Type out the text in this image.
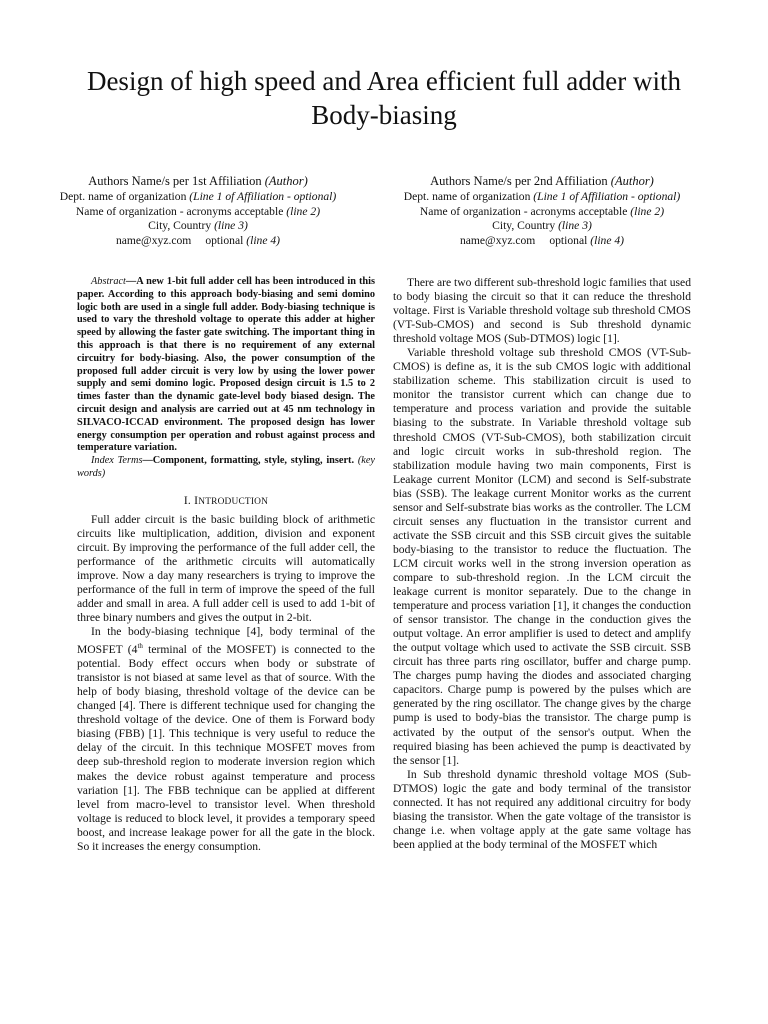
Design of high speed and Area efficient full adder with Body-biasing
Authors Name/s per 1st Affiliation (Author)
Dept. name of organization (Line 1 of Affiliation - optional)
Name of organization - acronyms acceptable (line 2)
City, Country (line 3)
name@xyz.com optional (line 4)
Authors Name/s per 2nd Affiliation (Author)
Dept. name of organization (Line 1 of Affiliation - optional)
Name of organization - acronyms acceptable (line 2)
City, Country (line 3)
name@xyz.com optional (line 4)

Abstract—A new 1-bit full adder cell has been introduced in this paper. According to this approach body-biasing and semi domino logic both are used in a single full adder. Body-biasing technique is used to vary the threshold voltage to operate this adder at higher speed by allowing the faster gate switching. The important thing in this approach is that there is no requirement of any external circuitry for body-biasing. Also, the power consumption of the proposed full adder circuit is very low by using the lower power supply and semi domino logic. Proposed design circuit is 1.5 to 2 times faster than the dynamic gate-level body biased design. The circuit design and analysis are carried out at 45 nm technology in SILVACO-ICCAD environment. The proposed design has lower energy consumption per operation and robust against process and temperature variation.

Index Terms—Component, formatting, style, styling, insert. (key words)

I. INTRODUCTION

Full adder circuit is the basic building block of arithmetic circuits like multiplication, addition, division and exponent circuit. By improving the performance of the full adder cell, the performance of the arithmetic circuits will automatically improve. Now a day many researchers is trying to improve the performance of the full in term of improve the speed of the full adder and small in area. A full adder cell is used to add 1-bit of three binary numbers and gives the output in 2-bit.

In the body-biasing technique [4], body terminal of the MOSFET (4th terminal of the MOSFET) is connected to the potential. Body effect occurs when body or substrate of transistor is not biased at same level as that of source. With the help of body biasing, threshold voltage of the device can be changed [4]. There is different technique used for changing the threshold voltage of the device. One of them is Forward body biasing (FBB) [1]. This technique is very useful to reduce the delay of the circuit. In this technique MOSFET moves from deep sub-threshold region to moderate inversion region which makes the device robust against temperature and process variation [1]. The FBB technique can be applied at different level from macro-level to transistor level. When threshold voltage is reduced to block level, it provides a temporary speed boost, and increase leakage power for all the gate in the block. So it increases the energy consumption.

There are two different sub-threshold logic families that used to body biasing the circuit so that it can reduce the threshold voltage. First is Variable threshold voltage sub threshold CMOS (VT-Sub-CMOS) and second is Sub threshold dynamic threshold voltage MOS (Sub-DTMOS) logic [1].

Variable threshold voltage sub threshold CMOS (VT-Sub-CMOS) is define as, it is the sub CMOS logic with additional stabilization scheme. This stabilization circuit is used to monitor the transistor current which can change due to temperature and process variation and provide the suitable biasing to the substrate. In Variable threshold voltage sub threshold CMOS (VT-Sub-CMOS), both stabilization circuit and logic circuit works in sub-threshold region. The stabilization module having two main components, First is Leakage current Monitor (LCM) and second is Self-substrate bias (SSB). The leakage current Monitor works as the current sensor and Self-substrate bias works as the controller. The LCM circuit senses any fluctuation in the transistor current and activate the SSB circuit and this SSB circuit gives the suitable body-biasing to the transistor to reduce the fluctuation. The LCM circuit works well in the strong inversion operation as compare to sub-threshold region. .In the LCM circuit the leakage current is monitor separately. Due to the change in temperature and process variation [1], it changes the conduction of sensor transistor. The change in the conduction gives the output voltage. An error amplifier is used to detect and amplify the output voltage which used to activate the SSB circuit. SSB circuit has three parts ring oscillator, buffer and charge pump. The charges pump having the diodes and associated charging capacitors. Charge pump is powered by the pulses which are generated by the ring oscillator. The change gives by the charge pump is used to body-bias the transistor. The charge pump is activated by the output of the sensor's output. When the required biasing has been achieved the pump is deactivated by the sensor [1].

In Sub threshold dynamic threshold voltage MOS (Sub-DTMOS) logic the gate and body terminal of the transistor connected. It has not required any additional circuitry for body biasing the transistor. When the gate voltage of the transistor is change i.e. when voltage apply at the gate same voltage has been applied at the body terminal of the MOSFET which
